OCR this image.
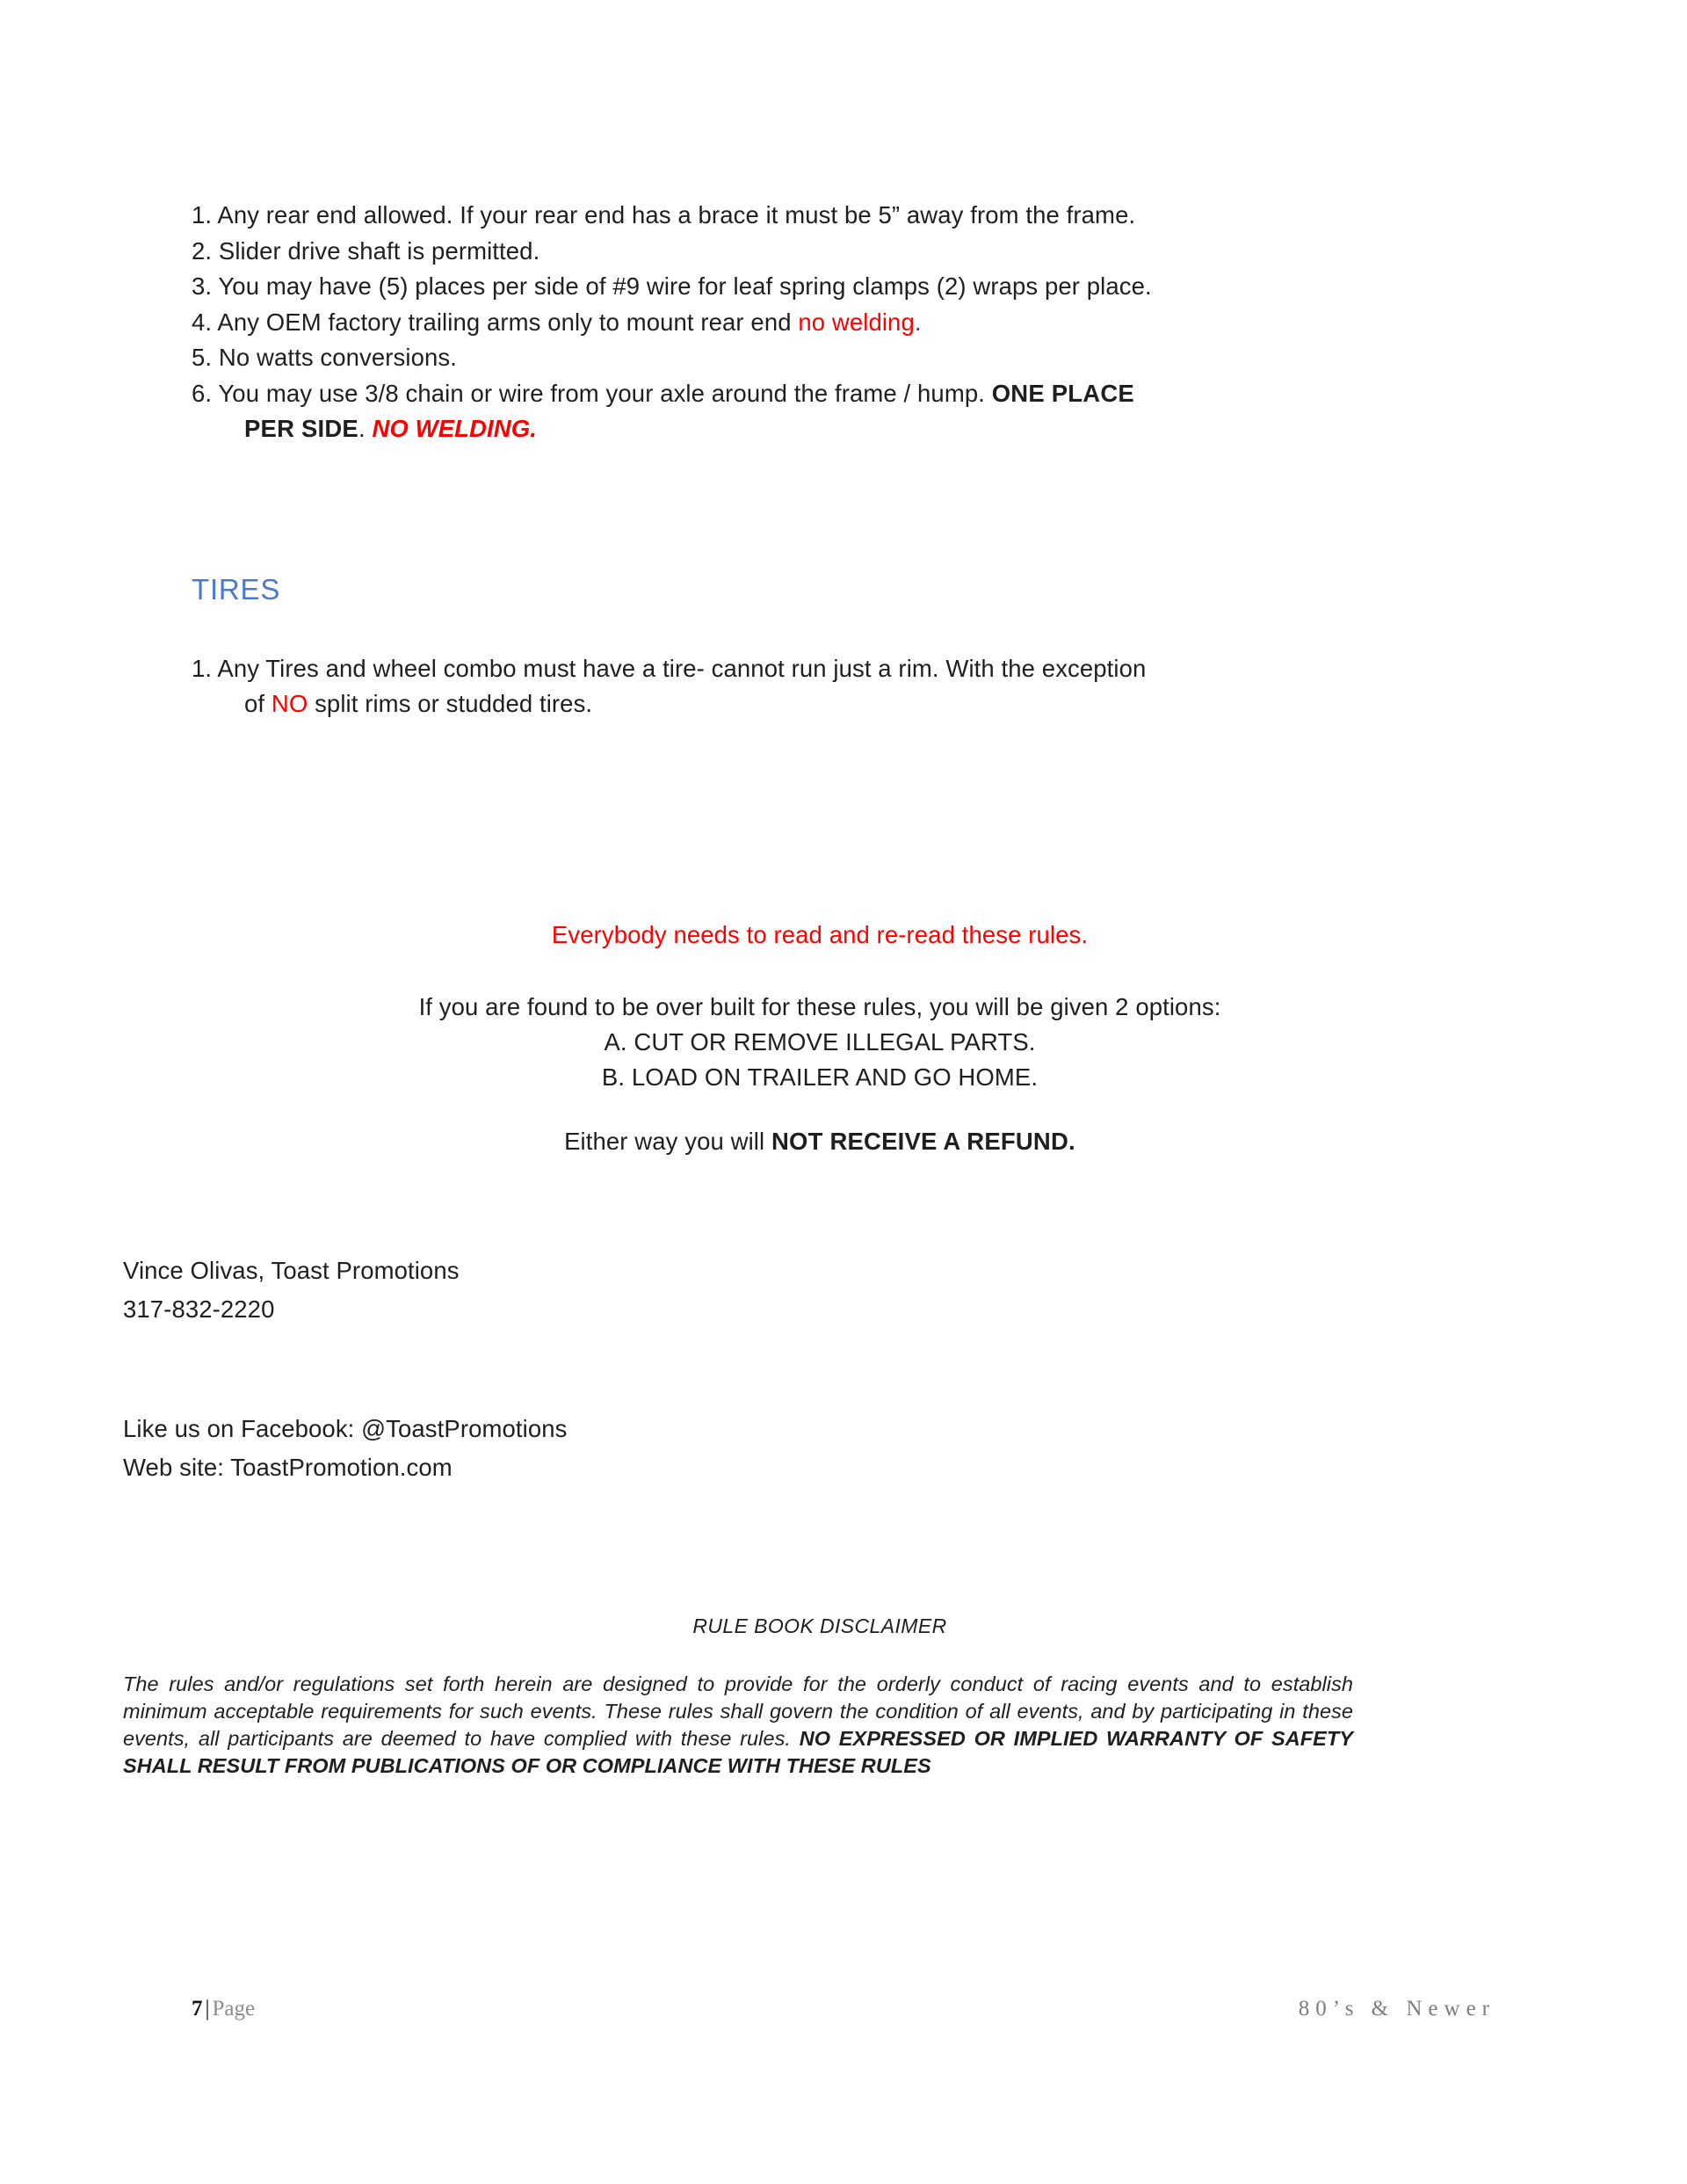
1. Any rear end allowed. If your rear end has a brace it must be 5” away from the frame.
2. Slider drive shaft is permitted.
3. You may have (5) places per side of #9 wire for leaf spring clamps (2) wraps per place.
4. Any OEM factory trailing arms only to mount rear end no welding.
5. No watts conversions.
6. You may use 3/8 chain or wire from your axle around the frame / hump. ONE PLACE
PER SIDE. NO WELDING.
TIRES
1. Any Tires and wheel combo must have a tire- cannot run just a rim. With the exception
of NO split rims or studded tires.
Everybody needs to read and re-read these rules.
If you are found to be over built for these rules, you will be given 2 options:
A. CUT OR REMOVE ILLEGAL PARTS.
B. LOAD ON TRAILER AND GO HOME.
Either way you will NOT RECEIVE A REFUND.
Vince Olivas, Toast Promotions
317-832-2220
Like us on Facebook: @ToastPromotions
Web site: ToastPromotion.com
RULE BOOK DISCLAIMER
The rules and/or regulations set forth herein are designed to provide for the orderly conduct of racing events and to establish minimum acceptable requirements for such events. These rules shall govern the condition of all events, and by participating in these events, all participants are deemed to have complied with these rules. NO EXPRESSED OR IMPLIED WARRANTY OF SAFETY SHALL RESULT FROM PUBLICATIONS OF OR COMPLIANCE WITH THESE RULES
7 | Page	80’s & Newer
